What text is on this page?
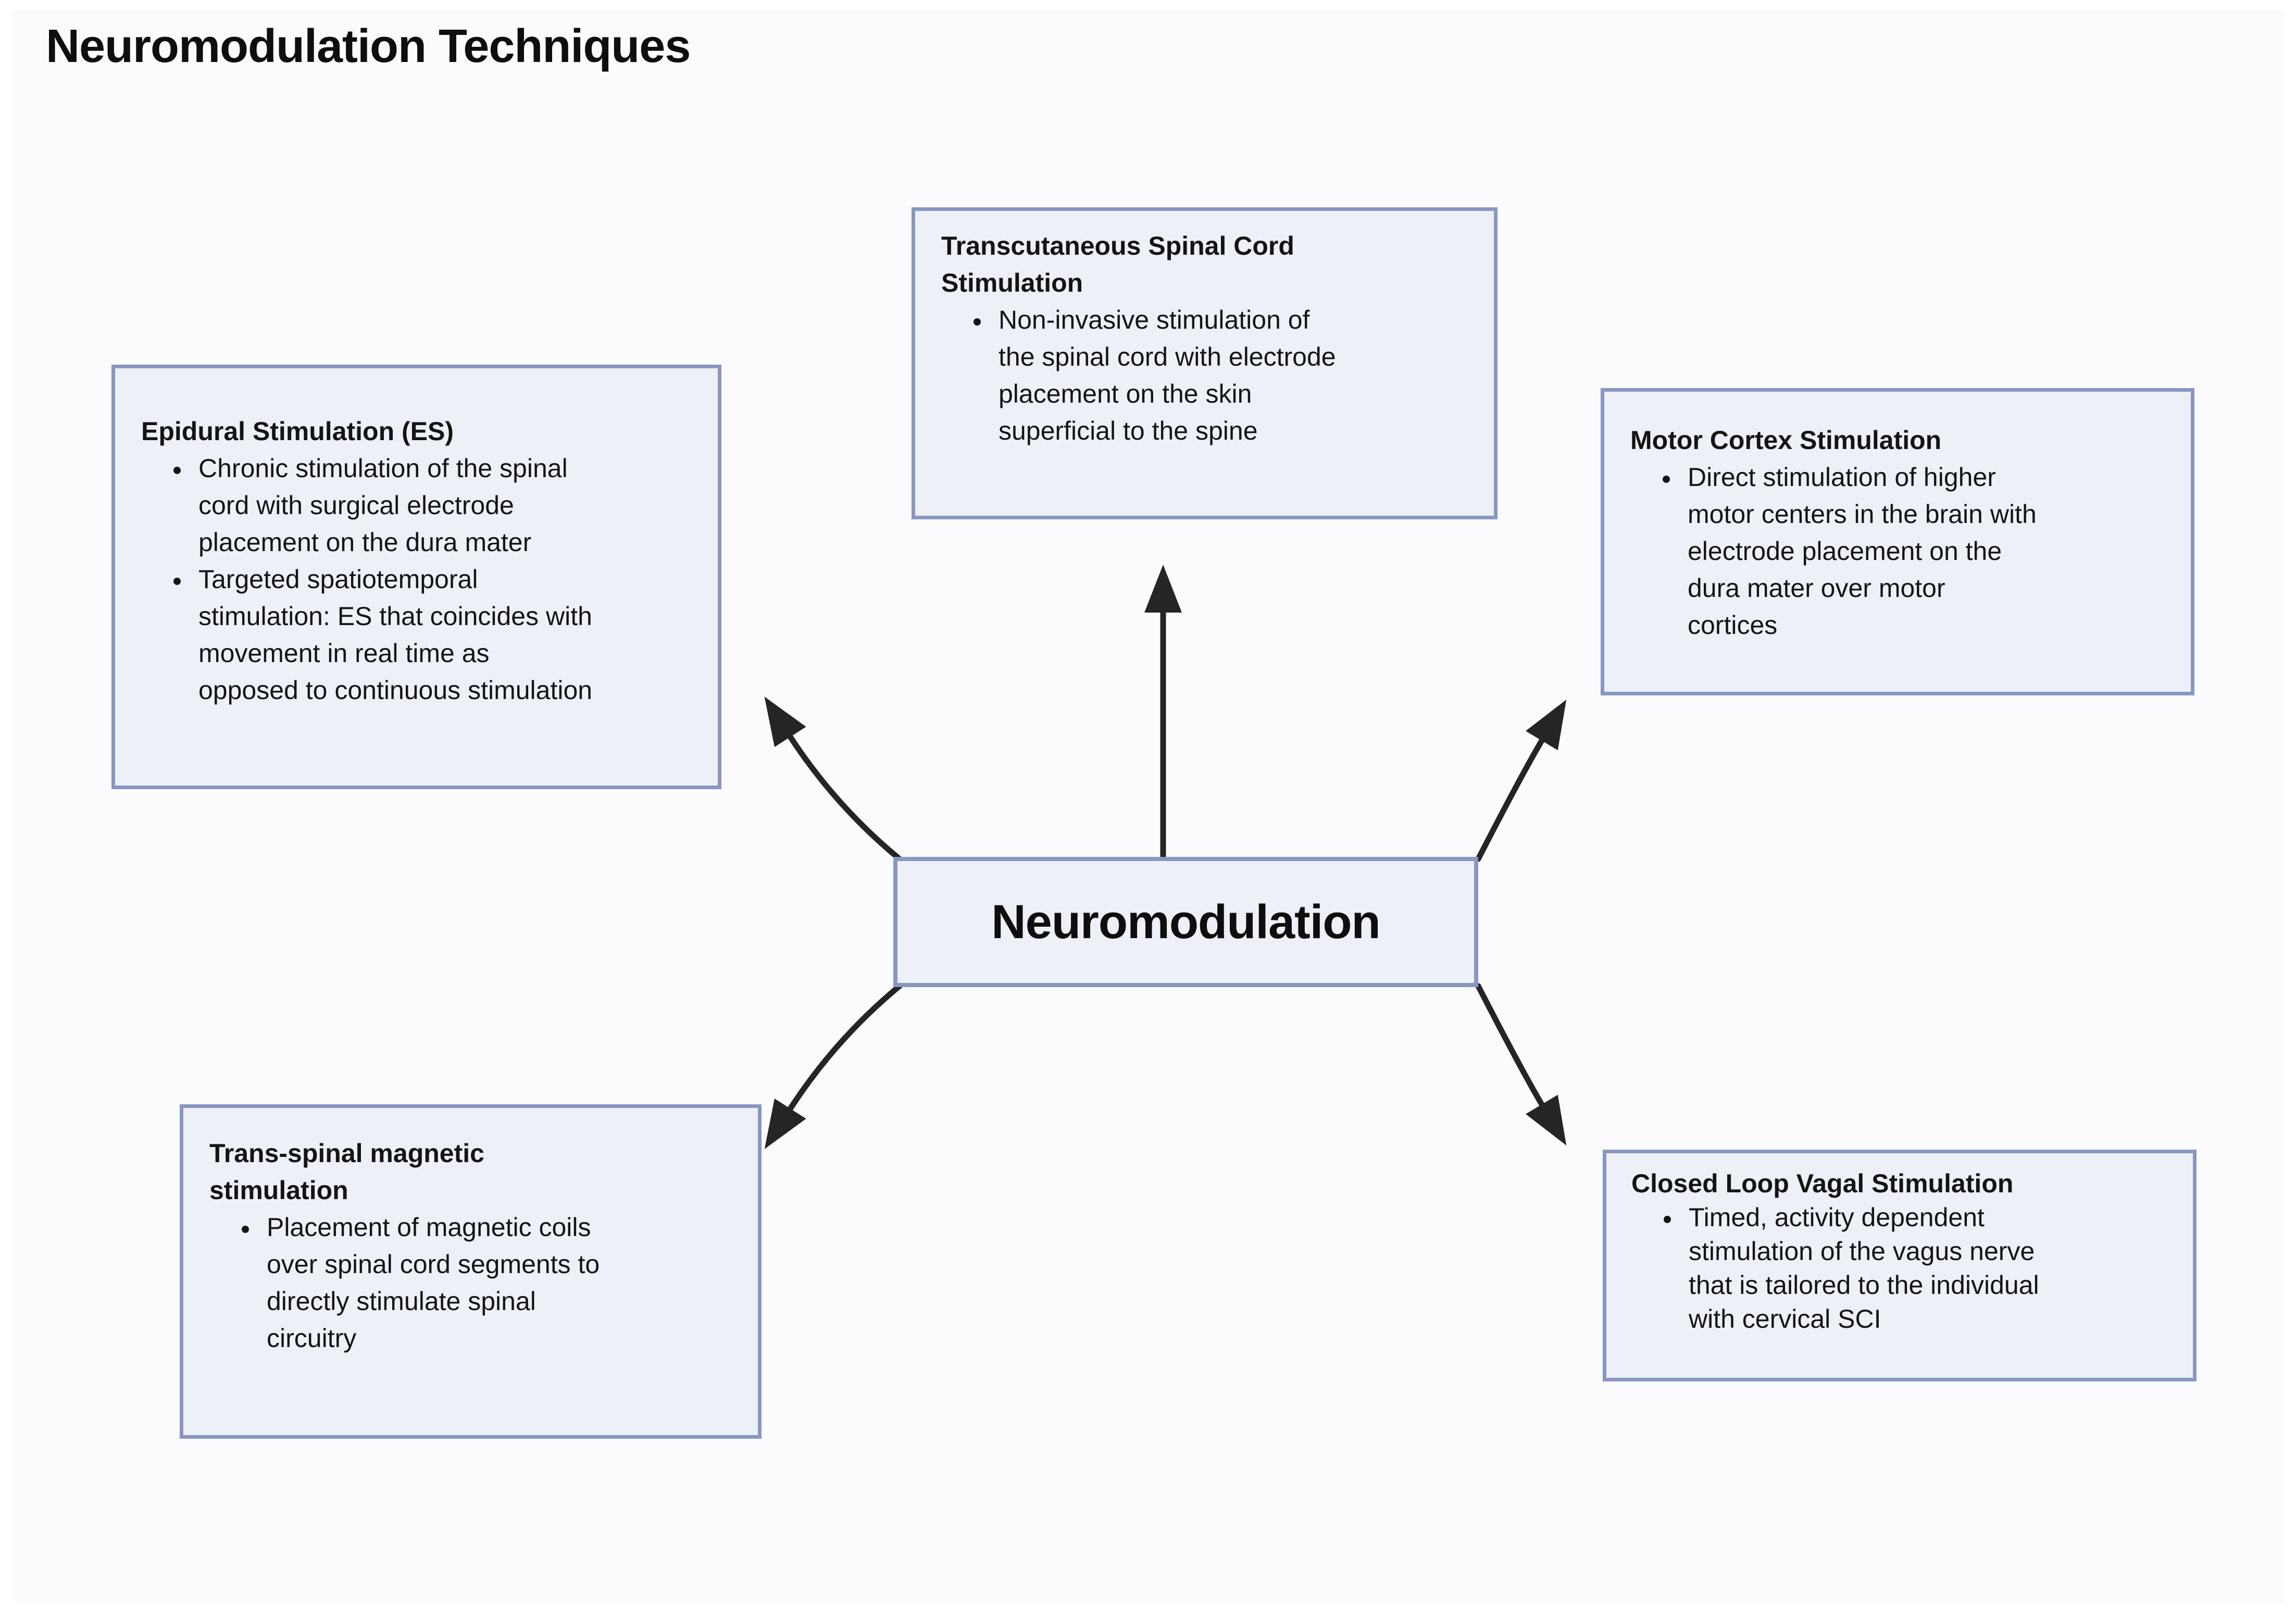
Neuromodulation Techniques
Epidural Stimulation (ES)
• Chronic stimulation of the spinal cord with surgical electrode placement on the dura mater
• Targeted spatiotemporal stimulation: ES that coincides with movement in real time as opposed to continuous stimulation
Transcutaneous Spinal Cord Stimulation
• Non-invasive stimulation of the spinal cord with electrode placement on the skin superficial to the spine	Motor Cortex Stimulation
• Direct stimulation of higher motor centers in the brain with electrode placement on the dura mater over motor cortices
Trans-spinal magnetic stimulation
• Placement of magnetic coils over spinal cord segments to directly stimulate spinal circuitry
Closed Loop Vagal Stimulation
• Timed, activity dependent stimulation of the vagus nerve that is tailored to the individual with cervical SCI
Neuromodulation
